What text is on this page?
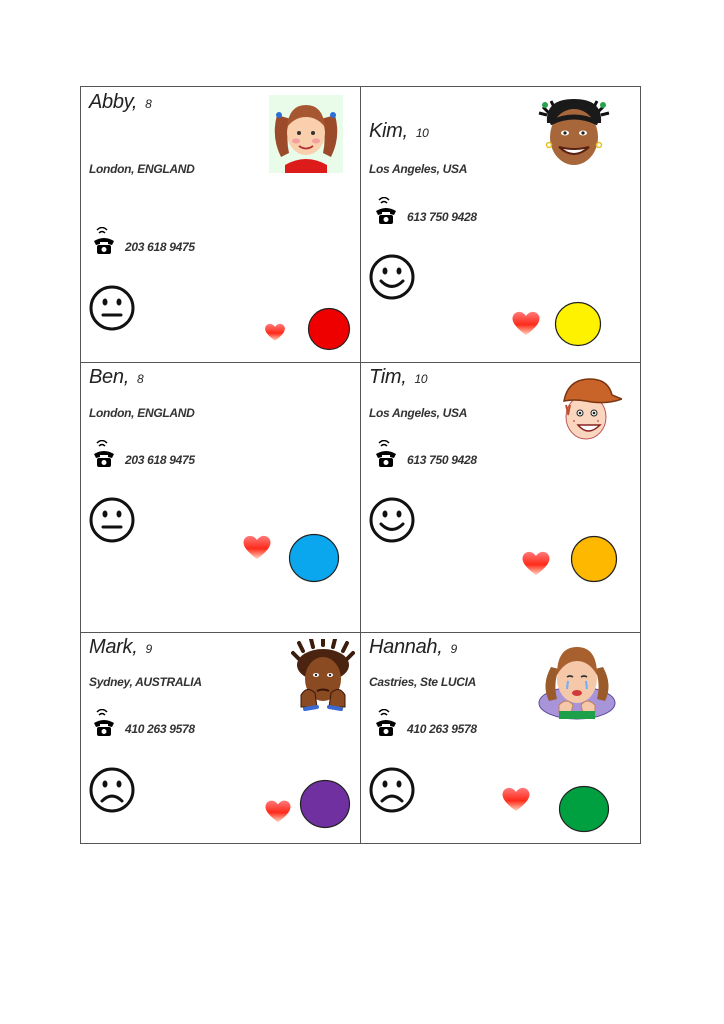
Abby, 8
London, ENGLAND
203 618 9475
Kim, 10
Los Angeles, USA
613 750 9428
Ben, 8
London, ENGLAND
203 618 9475
Tim, 10
Los Angeles, USA
613 750 9428
Mark, 9
Sydney, AUSTRALIA
410 263 9578
Hannah, 9
Castries, Ste LUCIA
410 263 9578
